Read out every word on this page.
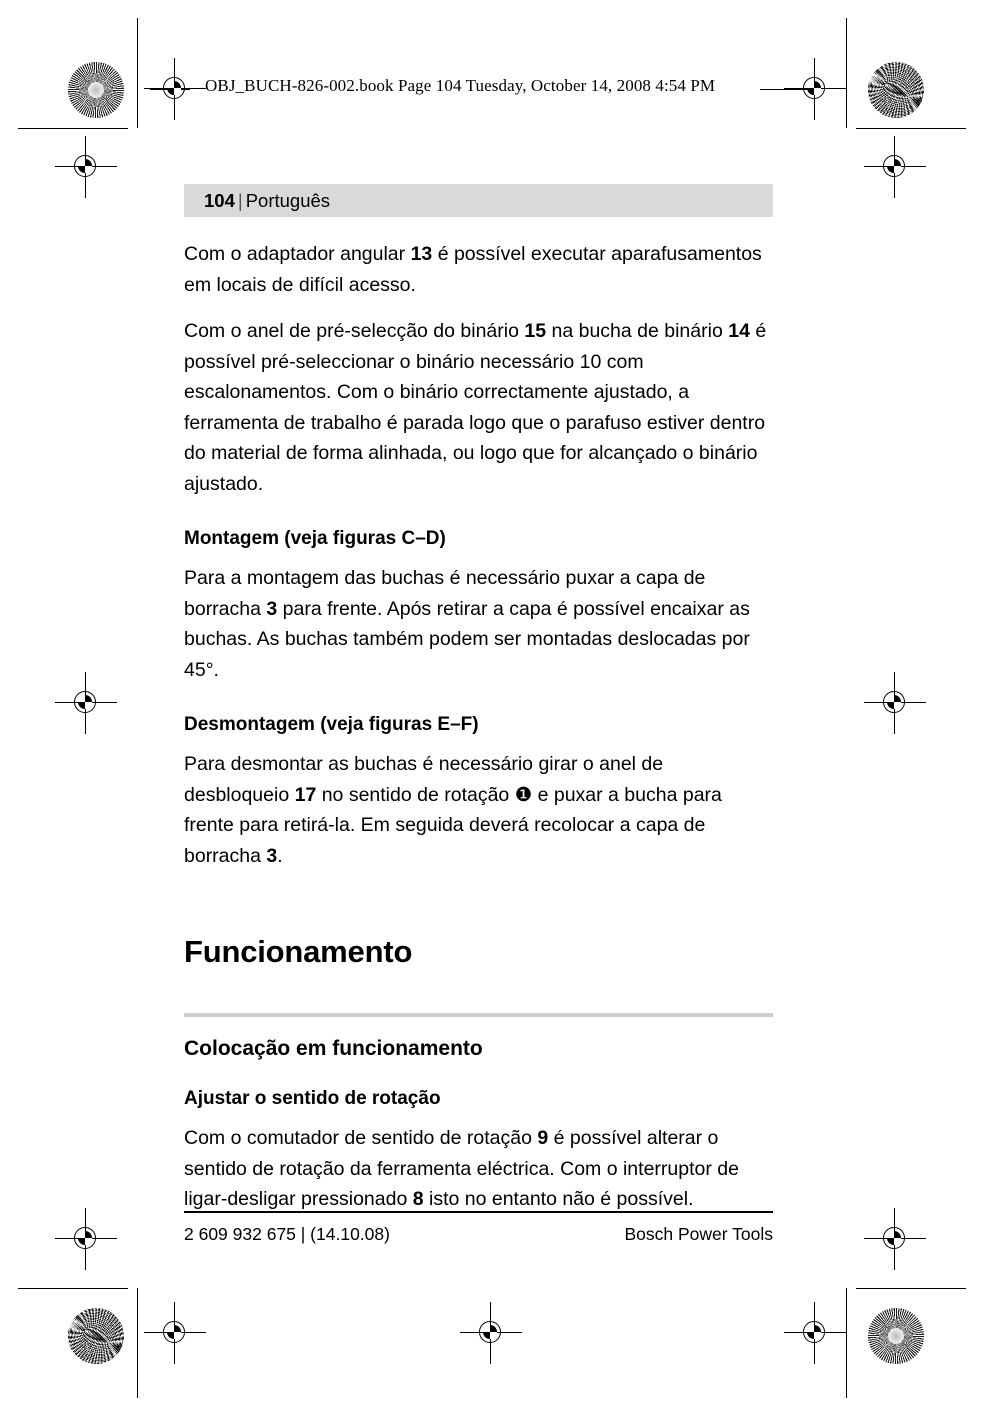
OBJ_BUCH-826-002.book Page 104 Tuesday, October 14, 2008 4:54 PM
104 | Português

Com o adaptador angular 13 é possível executar aparafusamentos em locais de difícil acesso.

Com o anel de pré-selecção do binário 15 na bucha de binário 14 é possível pré-seleccionar o binário necessário 10 com escalonamentos. Com o binário correctamente ajustado, a ferramenta de trabalho é parada logo que o parafuso estiver dentro do material de forma alinhada, ou logo que for alcançado o binário ajustado.

Montagem (veja figuras C–D)

Para a montagem das buchas é necessário puxar a capa de borracha 3 para frente. Após retirar a capa é possível encaixar as buchas. As buchas também podem ser montadas deslocadas por 45°.

Desmontagem (veja figuras E–F)

Para desmontar as buchas é necessário girar o anel de desbloqueio 17 no sentido de rotação ❶ e puxar a bucha para frente para retirá-la. Em seguida deverá recolocar a capa de borracha 3.

Funcionamento
Colocação em funcionamento
Ajustar o sentido de rotação

Com o comutador de sentido de rotação 9 é possível alterar o sentido de rotação da ferramenta eléctrica. Com o interruptor de ligar-desligar pressionado 8 isto no entanto não é possível.

2 609 932 675 | (14.10.08)	Bosch Power Tools
